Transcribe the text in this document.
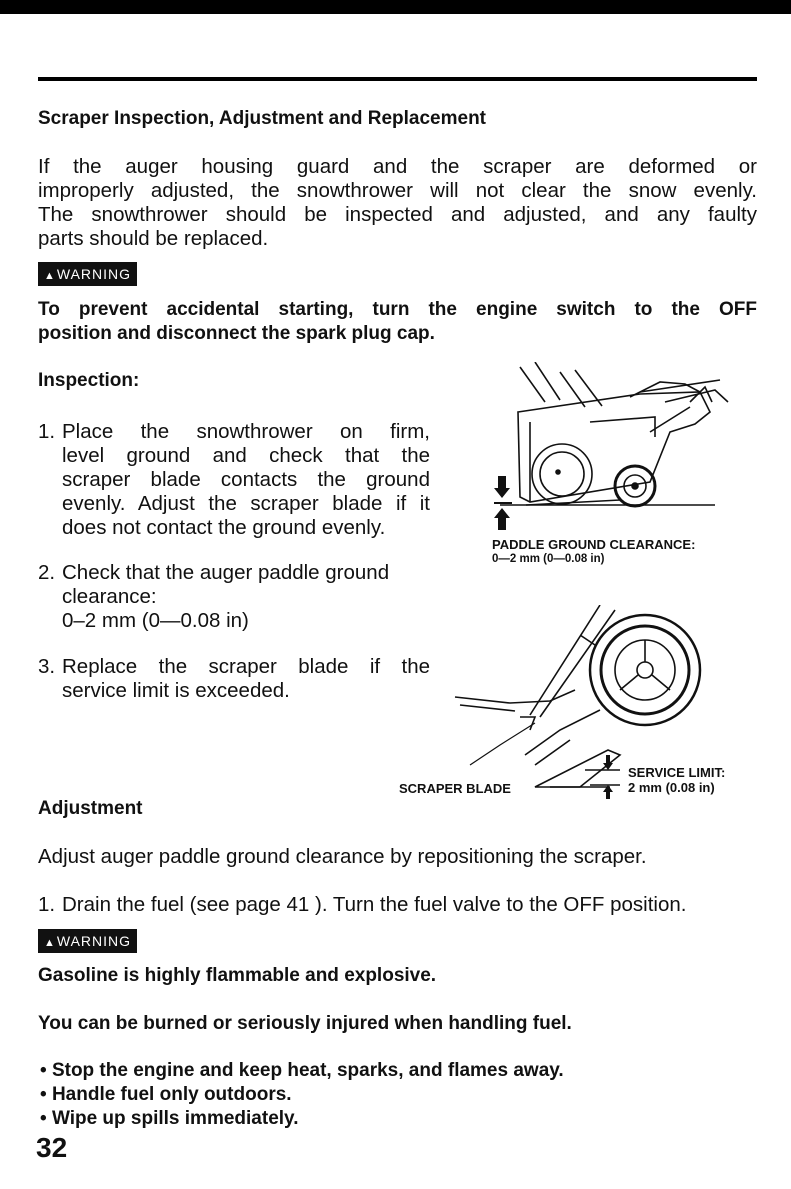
Scraper Inspection, Adjustment and Replacement
If the auger housing guard and the scraper are deformed or
improperly adjusted, the snowthrower will not clear the snow evenly.
The snowthrower should be inspected and adjusted, and any faulty
parts should be replaced.
▲WARNING
To prevent accidental starting, turn the engine switch to the OFF
position and disconnect the spark plug cap.
Inspection:
1. Place the snowthrower on firm,
level ground and check that the
scraper blade contacts the ground
evenly. Adjust the scraper blade if it
does not contact the ground evenly.
2. Check that the auger paddle ground
clearance:
0–2 mm (0—0.08 in)
3. Replace the scraper blade if the
service limit is exceeded.
PADDLE GROUND CLEARANCE:
0—2 mm (0—0.08 in)
SCRAPER BLADE
SERVICE LIMIT:
2 mm (0.08 in)
Adjustment
Adjust auger paddle ground clearance by repositioning the scraper.
1. Drain the fuel (see page 41 ). Turn the fuel valve to the OFF position.
▲WARNING
Gasoline is highly flammable and explosive.
You can be burned or seriously injured when handling fuel.
• Stop the engine and keep heat, sparks, and flames away.
• Handle fuel only outdoors.
• Wipe up spills immediately.
32
